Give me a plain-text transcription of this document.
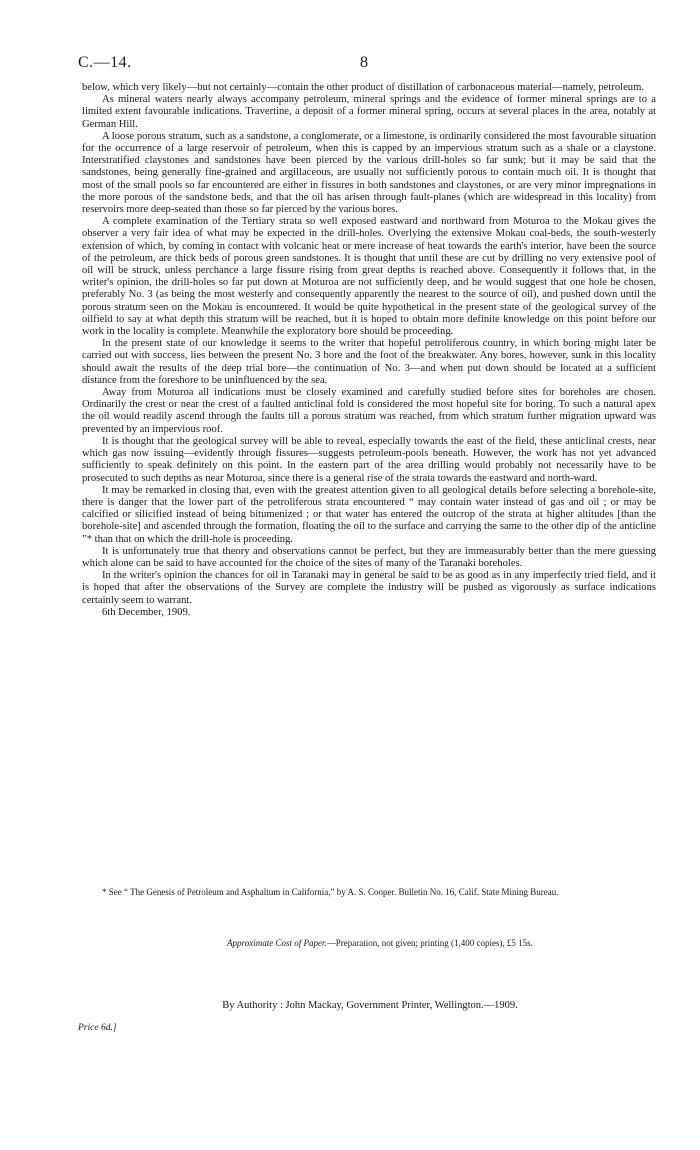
C.—14.	8

below, which very likely—but not certainly—contain the other product of distillation of carbonaceous material—namely, petroleum.

As mineral waters nearly always accompany petroleum, mineral springs and the evidence of former mineral springs are to a limited extent favourable indications. Travertine, a deposit of a former mineral spring, occurs at several places in the area, notably at German Hill.

A loose porous stratum, such as a sandstone, a conglomerate, or a limestone, is ordinarily considered the most favourable situation for the occurrence of a large reservoir of petroleum, when this is capped by an impervious stratum such as a shale or a claystone. Interstratified claystones and sandstones have been pierced by the various drill-holes so far sunk; but it may be said that the sandstones, being generally fine-grained and argillaceous, are usually not sufficiently porous to contain much oil. It is thought that most of the small pools so far encountered are either in fissures in both sandstones and claystones, or are very minor impregnations in the more porous of the sandstone beds, and that the oil has arisen through fault-planes (which are widespread in this locality) from reservoirs more deep-seated than those so far pierced by the various bores.

A complete examination of the Tertiary strata so well exposed eastward and northward from Moturoa to the Mokau gives the observer a very fair idea of what may be expected in the drill-holes. Overlying the extensive Mokau coal-beds, the south-westerly extension of which, by coming in contact with volcanic heat or mere increase of heat towards the earth's interior, have been the source of the petroleum, are thick beds of porous green sandstones. It is thought that until these are cut by drilling no very extensive pool of oil will be struck, unless perchance a large fissure rising from great depths is reached above. Consequently it follows that, in the writer's opinion, the drill-holes so far put down at Moturoa are not sufficiently deep, and he would suggest that one hole be chosen, preferably No. 3 (as being the most westerly and consequently apparently the nearest to the source of oil), and pushed down until the porous stratum seen on the Mokau is encountered. It would be quite hypothetical in the present state of the geological survey of the oilfield to say at what depth this stratum will be reached, but it is hoped to obtain more definite knowledge on this point before our work in the locality is complete. Meanwhile the exploratory bore should be proceeding.

In the present state of our knowledge it seems to the writer that hopeful petroliferous country, in which boring might later be carried out with success, lies between the present No. 3 bore and the foot of the breakwater. Any bores, however, sunk in this locality should await the results of the deep trial bore—the continuation of No. 3—and when put down should be located at a sufficient distance from the foreshore to be uninfluenced by the sea.

Away from Moturoa all indications must be closely examined and carefully studied before sites for boreholes are chosen. Ordinarily the crest or near the crest of a faulted anticlinal fold is considered the most hopeful site for boring. To such a natural apex the oil would readily ascend through the faults till a porous stratum was reached, from which stratum further migration upward was prevented by an impervious roof.

It is thought that the geological survey will be able to reveal, especially towards the east of the field, these anticlinal crests, near which gas now issuing—evidently through fissures—suggests petroleum-pools beneath. However, the work has not yet advanced sufficiently to speak definitely on this point. In the eastern part of the area drilling would probably not necessarily have to be prosecuted to such depths as near Moturoa, since there is a general rise of the strata towards the eastward and north-ward.

It may be remarked in closing that, even with the greatest attention given to all geological details before selecting a borehole-site, there is danger that the lower part of the petroliferous strata encountered “ may contain water instead of gas and oil ; or may be calcified or silicified instead of being bitumenized ; or that water has entered the outcrop of the strata at higher altitudes [than the borehole-site] and ascended through the formation, floating the oil to the surface and carrying the same to the other dip of the anticline ”* than that on which the drill-hole is proceeding.

It is unfortunately true that theory and observations cannot be perfect, but they are immeasurably better than the mere guessing which alone can be said to have accounted for the choice of the sites of many of the Taranaki boreholes.

In the writer's opinion the chances for oil in Taranaki may in general be said to be as good as in any imperfectly tried field, and it is hoped that after the observations of the Survey are complete the industry will be pushed as vigorously as surface indications certainly seem to warrant.

6th December, 1909.

* See “ The Genesis of Petroleum and Asphaltum in California,” by A. S. Cooper. Bulletin No. 16, Calif. State Mining Bureau.
Approximate Cost of Paper.—Preparation, not given; printing (1,400 copies), £5 15s.
By Authority : John Mackay, Government Printer, Wellington.—1909.
Price 6d.]
